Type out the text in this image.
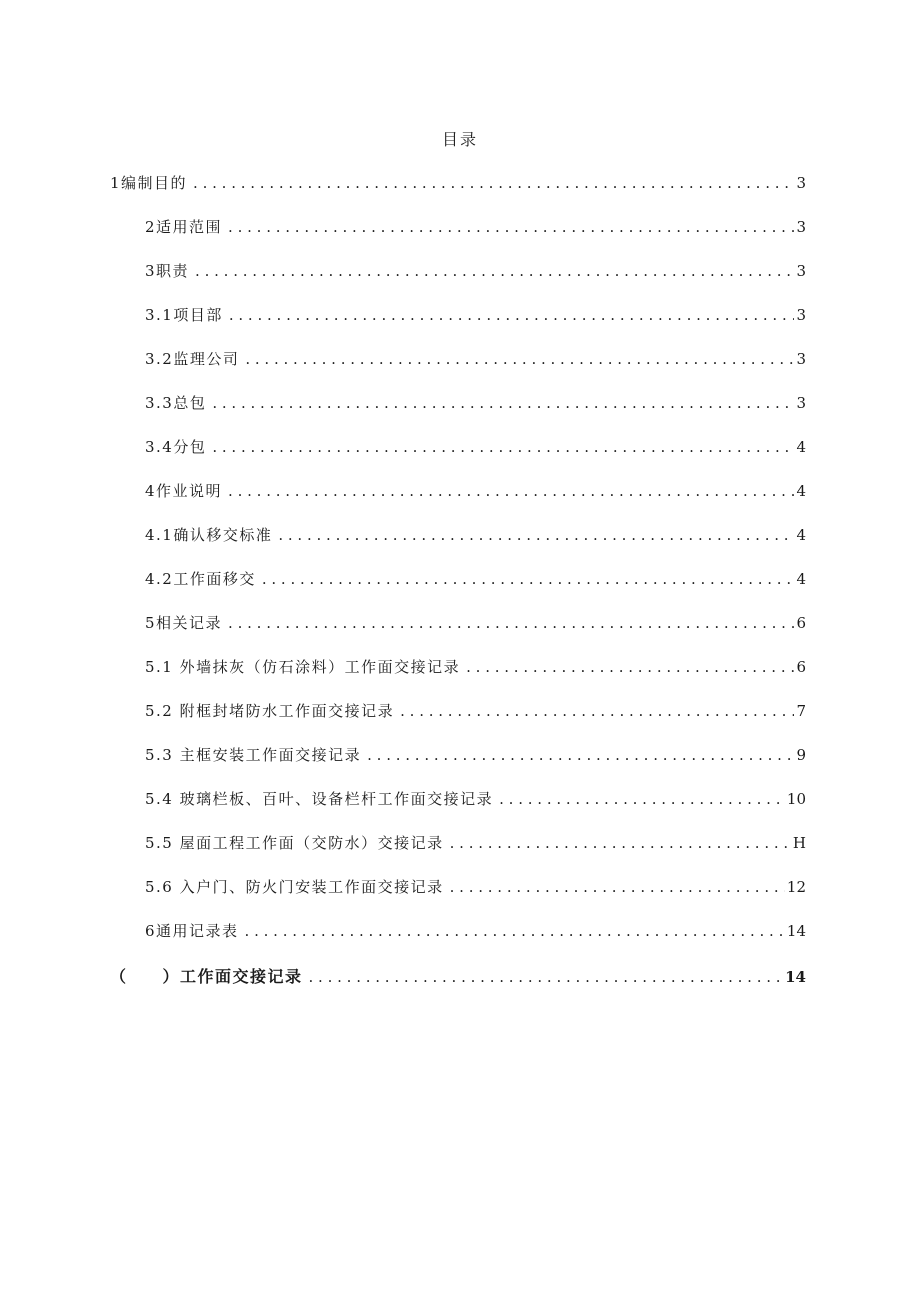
目录
1编制目的 . . .	3
2适用范围 . . .	3
3职责 . . .	3
3.1项目部 . . .	3
3.2监理公司 . . .	3
3.3总包 . . .	3
3.4分包 . . .	4
4作业说明 . . .	4
4.1确认移交标准 . . .	4
4.2工作面移交 . . .	4
5相关记录 . . .	6
5.1 外墙抹灰（仿石涂料）工作面交接记录 . . .	6
5.2 附框封堵防水工作面交接记录 . . .	7
5.3 主框安装工作面交接记录 . . .	9
5.4 玻璃栏板、百叶、设备栏杆工作面交接记录 . . .	10
5.5 屋面工程工作面（交防水）交接记录 . . .	H
5.6 入户门、防火门安装工作面交接记录 . . .	12
6通用记录表 . . .	14
（　　）工作面交接记录 . . .	14
